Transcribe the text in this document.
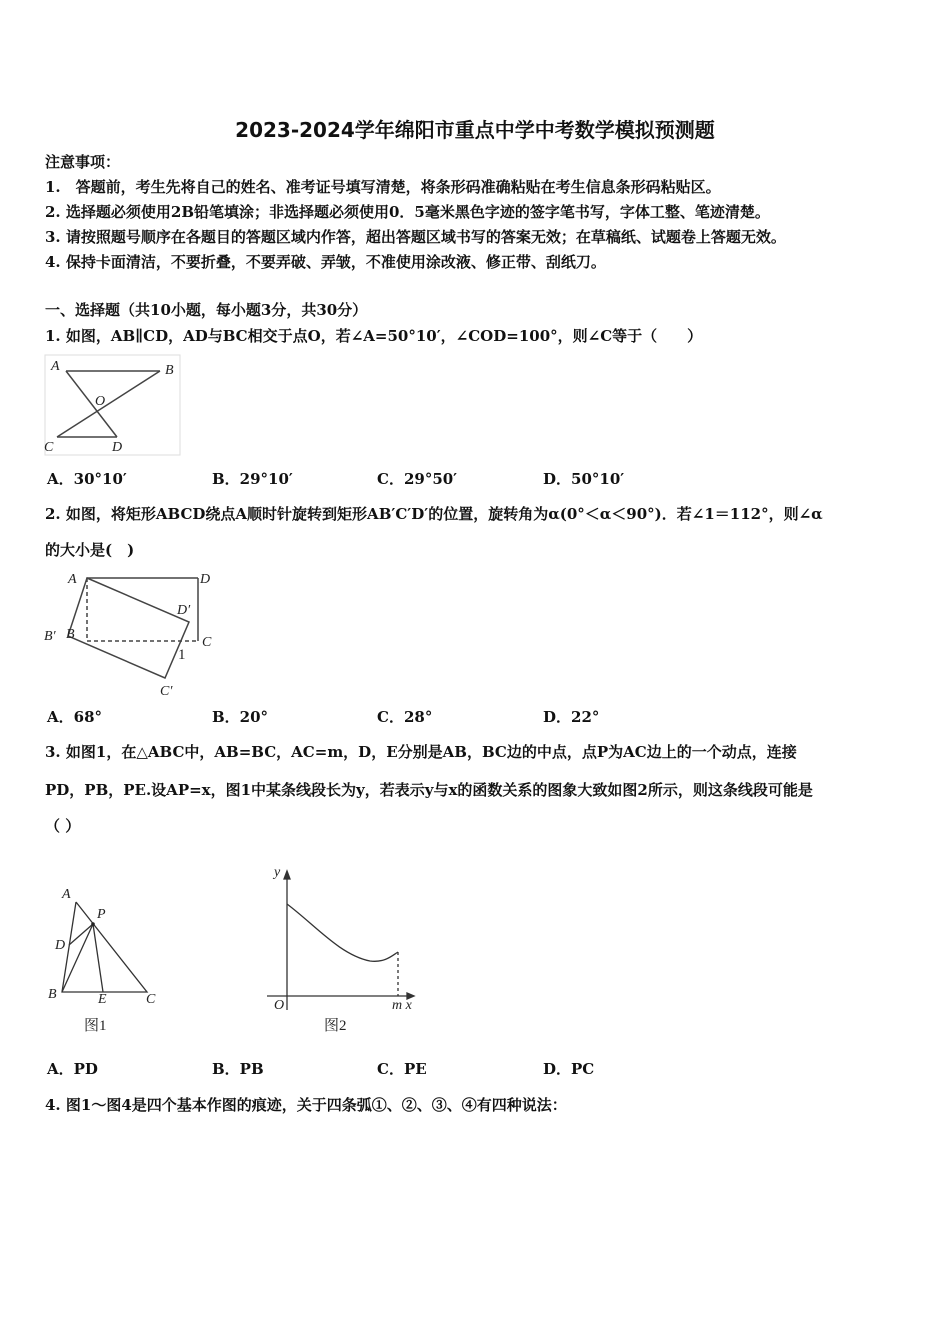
2023-2024学年绵阳市重点中学中考数学模拟预测题
注意事项：
1.　答题前，考生先将自己的姓名、准考证号填写清楚，将条形码准确粘贴在考生信息条形码粘贴区。
2. 选择题必须使用2B铅笔填涂；非选择题必须使用0．5毫米黑色字迹的签字笔书写，字体工整、笔迹清楚。
3. 请按照题号顺序在各题目的答题区域内作答，超出答题区域书写的答案无效；在草稿纸、试题卷上答题无效。
4. 保持卡面清洁，不要折叠，不要弄破、弄皱，不准使用涂改液、修正带、刮纸刀。
一、选择题（共10小题，每小题3分，共30分）
1. 如图，AB∥CD，AD与BC相交于点O，若∠A=50°10′，∠COD=100°，则∠C等于（　　）
A．30°10′	B．29°10′	C．29°50′	D．50°10′
2. 如图，将矩形ABCD绕点A顺时针旋转到矩形AB′C′D′的位置，旋转角为α(0°＜α＜90°)．若∠1＝112°，则∠α
的大小是(　)
A．68°	B．20°	C．28°	D．22°
3. 如图1，在△ABC中，AB=BC，AC=m，D，E分别是AB，BC边的中点，点P为AC边上的一个动点，连接
PD，PB，PE.设AP=x，图1中某条线段长为y，若表示y与x的函数关系的图象大致如图2所示，则这条线段可能是
（ ）
A．PD	B．PB	C．PE	D．PC
4. 图1～图4是四个基本作图的痕迹，关于四条弧①、②、③、④有四种说法：
A	B
O
C	D
A	D
D′
B′ B
C
1
C′
A
P
D
B	E	C
图1
y
O	m x
图2
